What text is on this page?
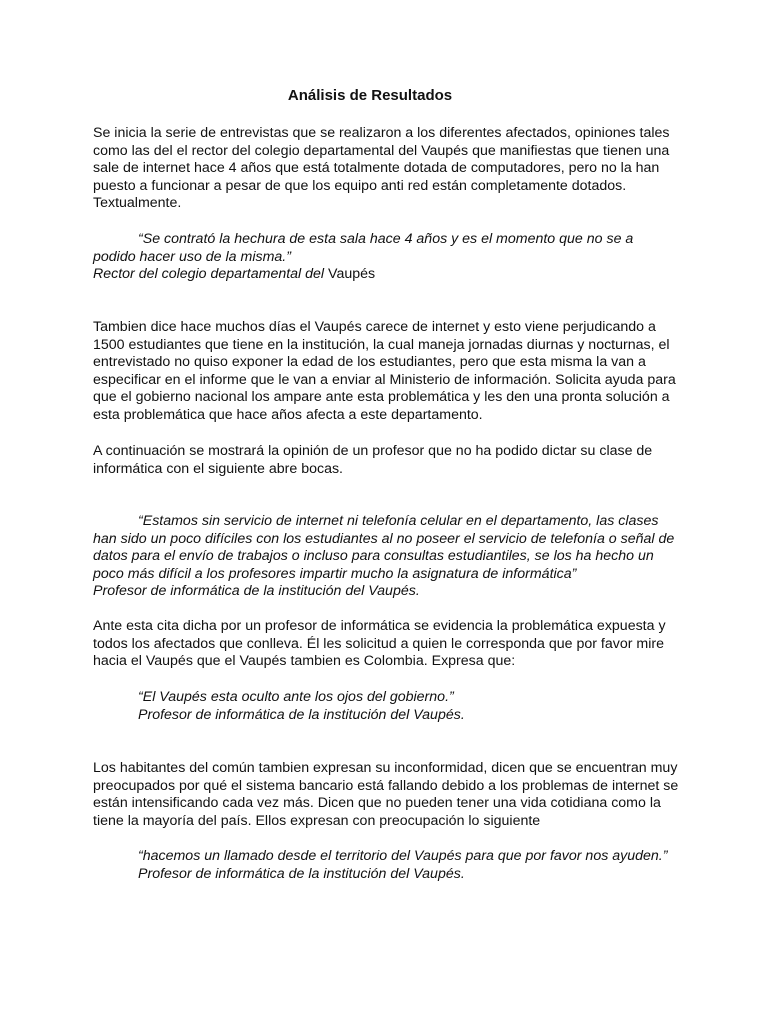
Análisis de Resultados

Se inicia la serie de entrevistas que se realizaron a los diferentes afectados, opiniones tales como las del el rector del colegio departamental del Vaupés que manifiestas que tienen una sale de internet hace 4 años que está totalmente dotada de computadores, pero no la han puesto a funcionar a pesar de que los equipo anti red están completamente dotados. Textualmente.

“Se contrató la hechura de esta sala hace 4 años y es el momento que no se a podido hacer uso de la misma.”
Rector del colegio departamental del Vaupés

Tambien dice hace muchos días el Vaupés carece de internet y esto viene perjudicando a 1500 estudiantes que tiene en la institución, la cual maneja jornadas diurnas y nocturnas, el entrevistado no quiso exponer la edad de los estudiantes, pero que esta misma la van a especificar en el informe que le van a enviar al Ministerio de información. Solicita ayuda para que el gobierno nacional los ampare ante esta problemática y les den una pronta solución a esta problemática que hace años afecta a este departamento.

A continuación se mostrará la opinión de un profesor que no ha podido dictar su clase de informática con el siguiente abre bocas.

“Estamos sin servicio de internet ni telefonía celular en el departamento, las clases han sido un poco difíciles con los estudiantes al no poseer el servicio de telefonía o señal de datos para el envío de trabajos o incluso para consultas estudiantiles, se los ha hecho un poco más difícil a los profesores impartir mucho la asignatura de informática”
Profesor de informática de la institución del Vaupés.

Ante esta cita dicha por un profesor de informática se evidencia la problemática expuesta y todos los afectados que conlleva. Él les solicitud a quien le corresponda que por favor mire hacia el Vaupés que el Vaupés tambien es Colombia. Expresa que:

“El Vaupés esta oculto ante los ojos del gobierno.”
Profesor de informática de la institución del Vaupés.

Los habitantes del común tambien expresan su inconformidad, dicen que se encuentran muy preocupados por qué el sistema bancario está fallando debido a los problemas de internet se están intensificando cada vez más. Dicen que no pueden tener una vida cotidiana como la tiene la mayoría del país. Ellos expresan con preocupación lo siguiente

“hacemos un llamado desde el territorio del Vaupés para que por favor nos ayuden.”
Profesor de informática de la institución del Vaupés.
